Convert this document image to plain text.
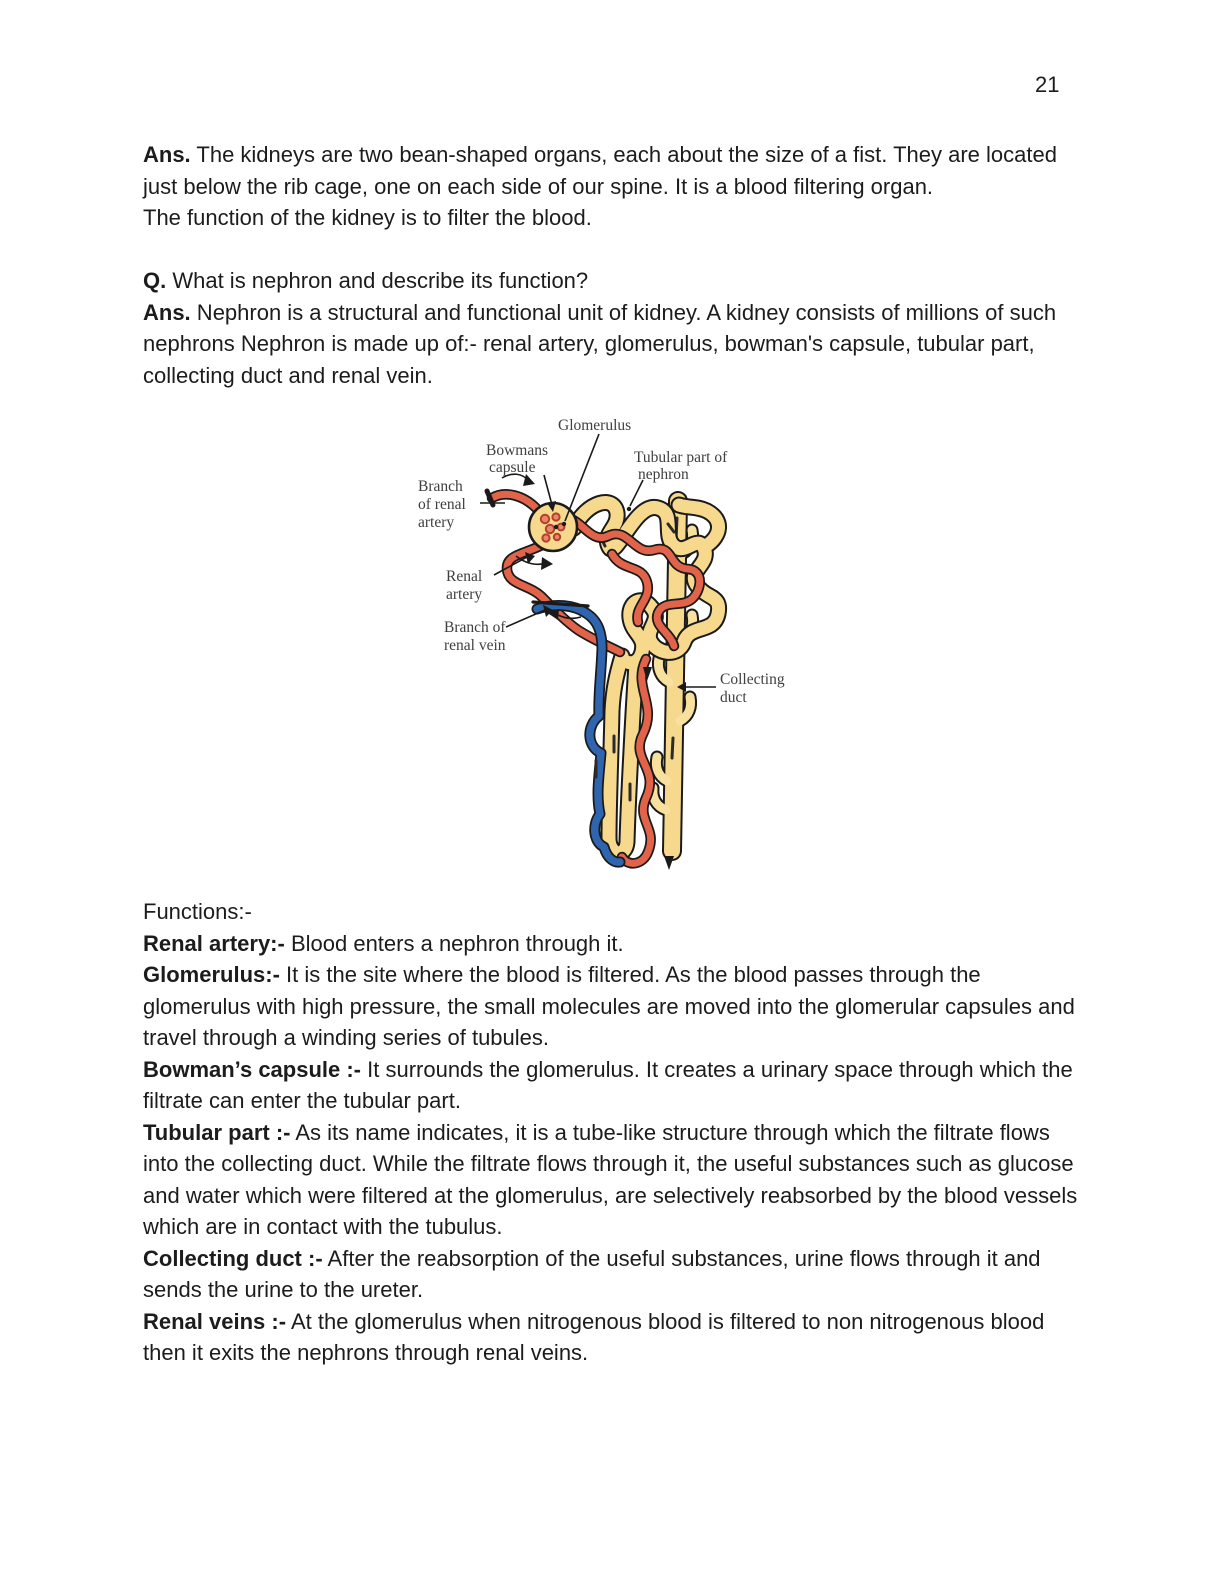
21

Ans. The kidneys are two bean-shaped organs, each about the size of a fist. They are located just below the rib cage, one on each side of our spine. It is a blood filtering organ.

The function of the kidney is to filter the blood.

Q. What is nephron and describe its function?

Ans. Nephron is a structural and functional unit of kidney. A kidney consists of millions of such nephrons Nephron is made up of:- renal artery, glomerulus, bowman's capsule, tubular part, collecting duct and renal vein.

Glomerulus
Bowmans
capsule
Tubular part of
nephron
Branch
of renal
artery
Renal
artery
Branch of
renal vein
Collecting
duct

Functions:-

Renal artery:- Blood enters a nephron through it.

Glomerulus:- It is the site where the blood is filtered. As the blood passes through the glomerulus with high pressure, the small molecules are moved into the glomerular capsules and travel through a winding series of tubules.

Bowman’s capsule :- It surrounds the glomerulus. It creates a urinary space through which the filtrate can enter the tubular part.

Tubular part :- As its name indicates, it is a tube-like structure through which the filtrate flows into the collecting duct. While the filtrate flows through it, the useful substances such as glucose and water which were filtered at the glomerulus, are selectively reabsorbed by the blood vessels which are in contact with the tubulus.

Collecting duct :- After the reabsorption of the useful substances, urine flows through it and sends the urine to the ureter.

Renal veins :- At the glomerulus when nitrogenous blood is filtered to non nitrogenous blood then it exits the nephrons through renal veins.
